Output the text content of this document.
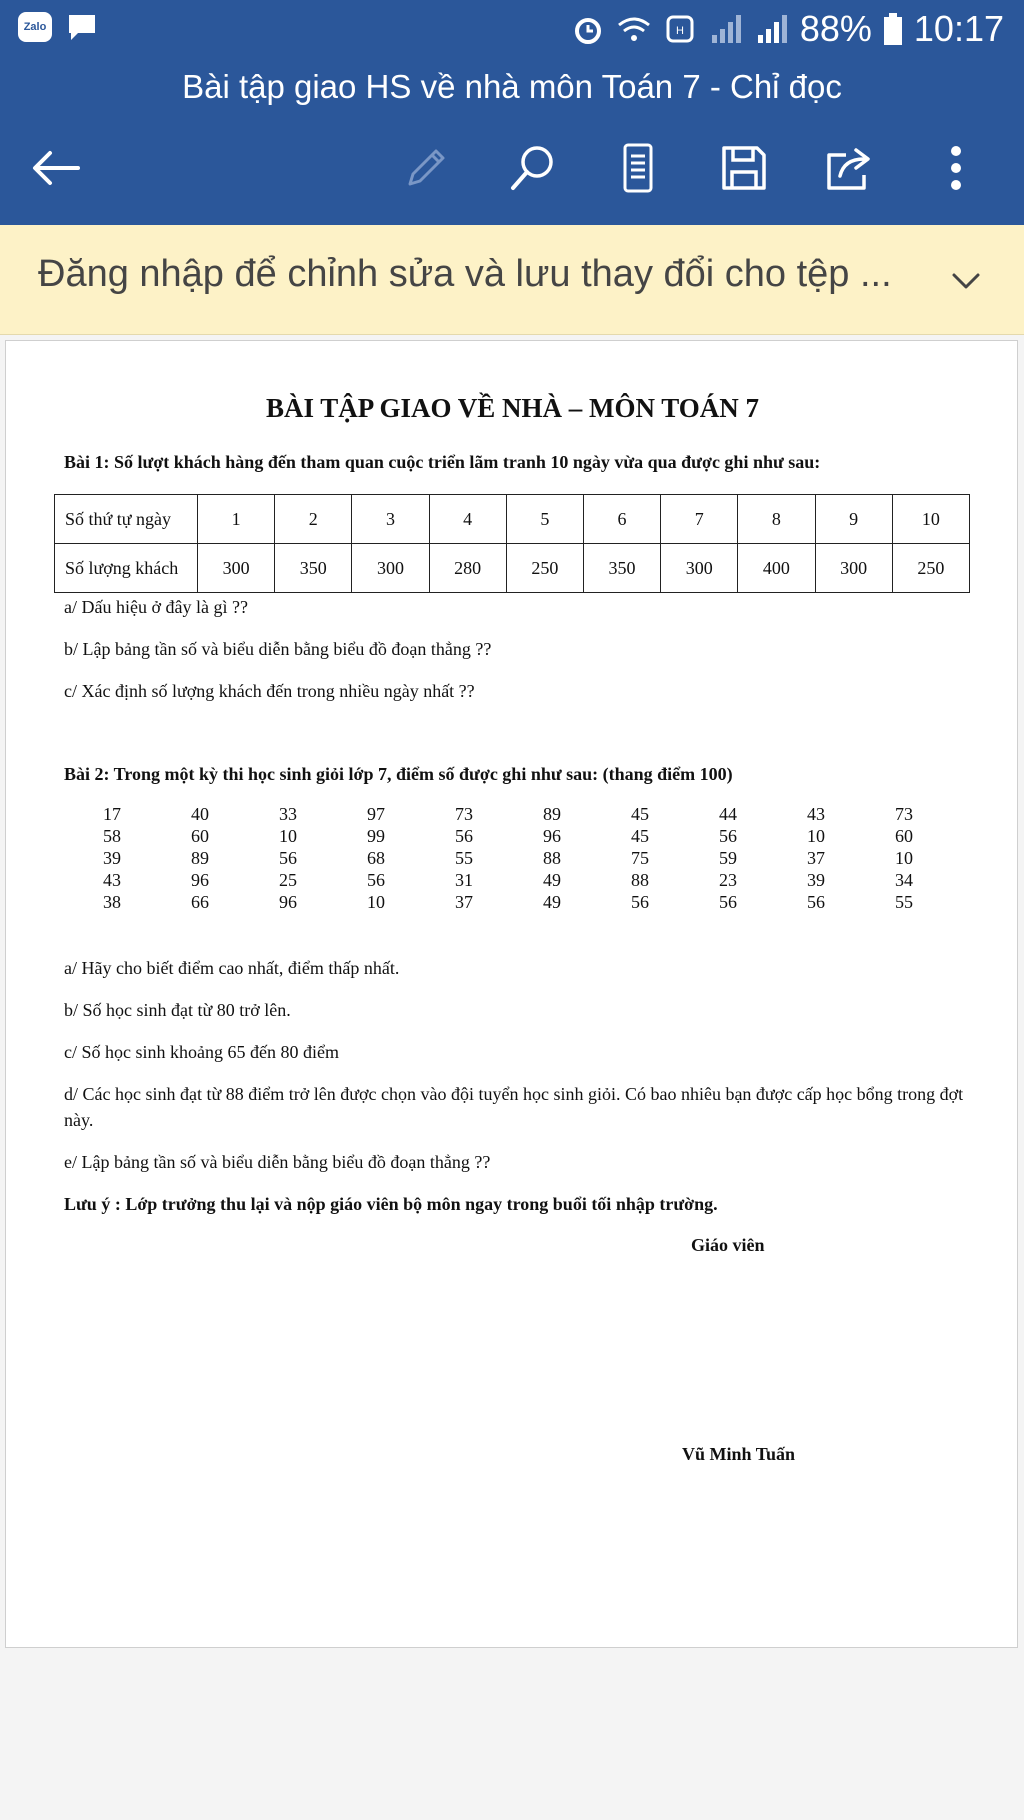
Zalo	H	88% 10:17
Bài tập giao HS về nhà môn Toán 7 - Chỉ đọc
Đăng nhập để chỉnh sửa và lưu thay đổi cho tệp ...
BÀI TẬP GIAO VỀ NHÀ – MÔN TOÁN 7
Bài 1: Số lượt khách hàng đến tham quan cuộc triển lãm tranh 10 ngày vừa qua được ghi như sau:
Số thứ tự ngày	1	2	3	4	5	6	7	8	9	10
Số lượng khách	300	350	300	280	250	350	300	400	300	250
a/ Dấu hiệu ở đây là gì ??
b/ Lập bảng tần số và biểu diễn bằng biểu đồ đoạn thẳng ??
c/ Xác định số lượng khách đến trong nhiều ngày nhất ??
Bài 2: Trong một kỳ thi học sinh giỏi lớp 7, điểm số được ghi như sau: (thang điểm 100)
17	40	33	97	73	89	45	44	43	73
58	60	10	99	56	96	45	56	10	60
39	89	56	68	55	88	75	59	37	10
43	96	25	56	31	49	88	23	39	34
38	66	96	10	37	49	56	56	56	55
a/ Hãy cho biết điểm cao nhất, điểm thấp nhất.
b/ Số học sinh đạt từ 80 trở lên.
c/ Số học sinh khoảng 65 đến 80 điểm
d/ Các học sinh đạt từ 88 điểm trở lên được chọn vào đội tuyển học sinh giỏi. Có bao nhiêu bạn được cấp học bổng trong đợt này.
e/ Lập bảng tần số và biểu diễn bằng biểu đồ đoạn thẳng ??
Lưu ý : Lớp trưởng thu lại và nộp giáo viên bộ môn ngay trong buổi tối nhập trường.
Giáo viên
Vũ Minh Tuấn
